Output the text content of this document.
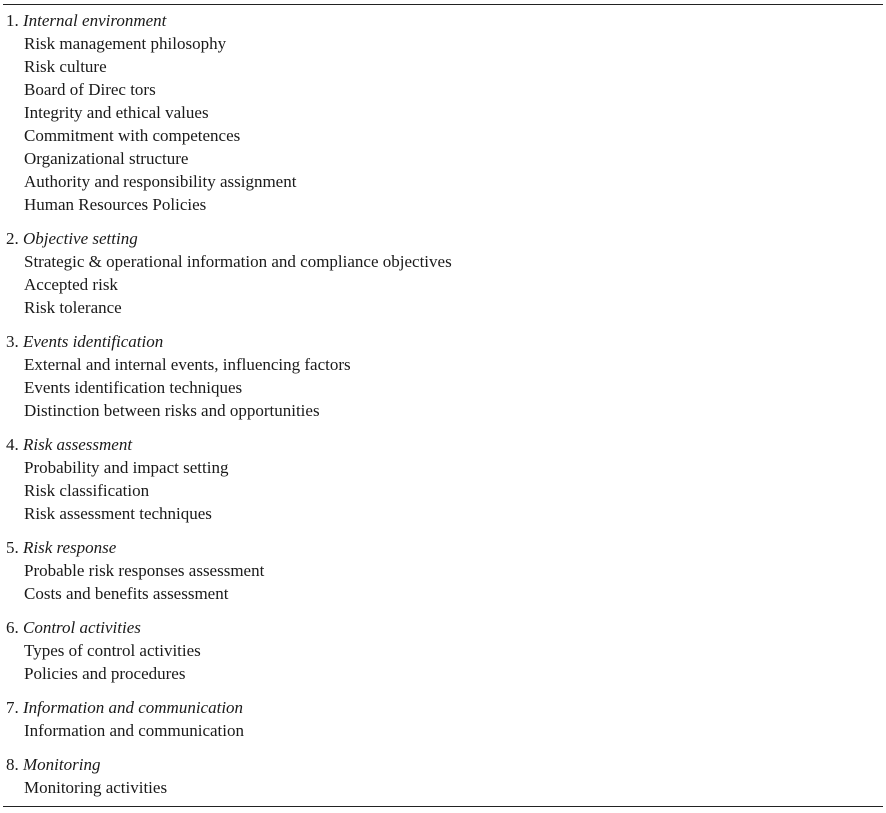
1. Internal environment
Risk management philosophy
Risk culture
Board of Direc tors
Integrity and ethical values
Commitment with competences
Organizational structure
Authority and responsibility assignment
Human Resources Policies
2. Objective setting
Strategic & operational information and compliance objectives
Accepted risk
Risk tolerance
3. Events identification
External and internal events, influencing factors
Events identification techniques
Distinction between risks and opportunities
4. Risk assessment
Probability and impact setting
Risk classification
Risk assessment techniques
5. Risk response
Probable risk responses assessment
Costs and benefits assessment
6. Control activities
Types of control activities
Policies and procedures
7. Information and communication
Information and communication
8. Monitoring
Monitoring activities
